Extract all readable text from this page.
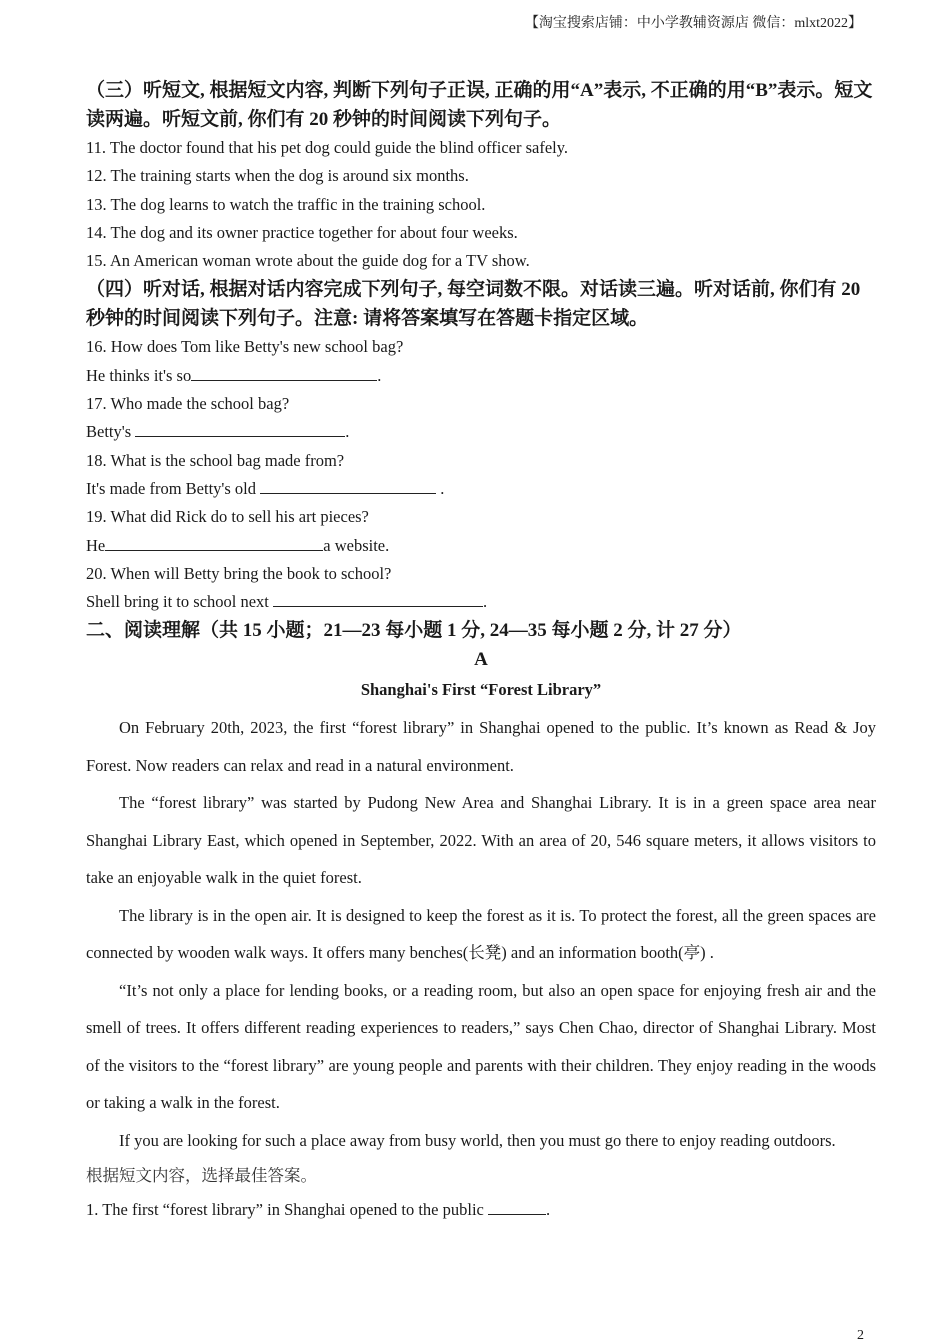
【淘宝搜索店铺：中小学教辅资源店 微信：mlxt2022】

（三）听短文, 根据短文内容, 判断下列句子正误, 正确的用“A”表示, 不正确的用“B”表示。短文读两遍。听短文前, 你们有 20 秒钟的时间阅读下列句子。

11. The doctor found that his pet dog could guide the blind officer safely.

12. The training starts when the dog is around six months.

13. The dog learns to watch the traffic in the training school.

14. The dog and its owner practice together for about four weeks.

15. An American woman wrote about the guide dog for a TV show.

（四）听对话, 根据对话内容完成下列句子, 每空词数不限。对话读三遍。听对话前, 你们有 20 秒钟的时间阅读下列句子。注意: 请将答案填写在答题卡指定区域。

16. How does Tom like Betty's new school bag?

He thinks it's so	.

17. Who made the school bag?

Betty's	.

18. What is the school bag made from?

It's made from Betty's old	.

19. What did Rick do to sell his art pieces?

He	a website.

20. When will Betty bring the book to school?

Shell bring it to school next	.

二、阅读理解（共 15 小题；21—23 每小题 1 分, 24—35 每小题 2 分, 计 27 分）

A

Shanghai's First “Forest Library”

On February 20th, 2023, the first “forest library” in Shanghai opened to the public. It’s known as Read & Joy Forest. Now readers can relax and read in a natural environment.

The “forest library” was started by Pudong New Area and Shanghai Library. It is in a green space area near Shanghai Library East, which opened in September, 2022. With an area of 20, 546 square meters, it allows visitors to take an enjoyable walk in the quiet forest.

The library is in the open air. It is designed to keep the forest as it is. To protect the forest, all the green spaces are connected by wooden walk ways. It offers many benches(长凳) and an information booth(亭) .

“It’s not only a place for lending books, or a reading room, but also an open space for enjoying fresh air and the smell of trees. It offers different reading experiences to readers,” says Chen Chao, director of Shanghai Library. Most of the visitors to the “forest library” are young people and parents with their children. They enjoy reading in the woods or taking a walk in the forest.

If you are looking for such a place away from busy world, then you must go there to enjoy reading outdoors.

根据短文内容，选择最佳答案。

1. The first “forest library” in Shanghai opened to the public	.

2
